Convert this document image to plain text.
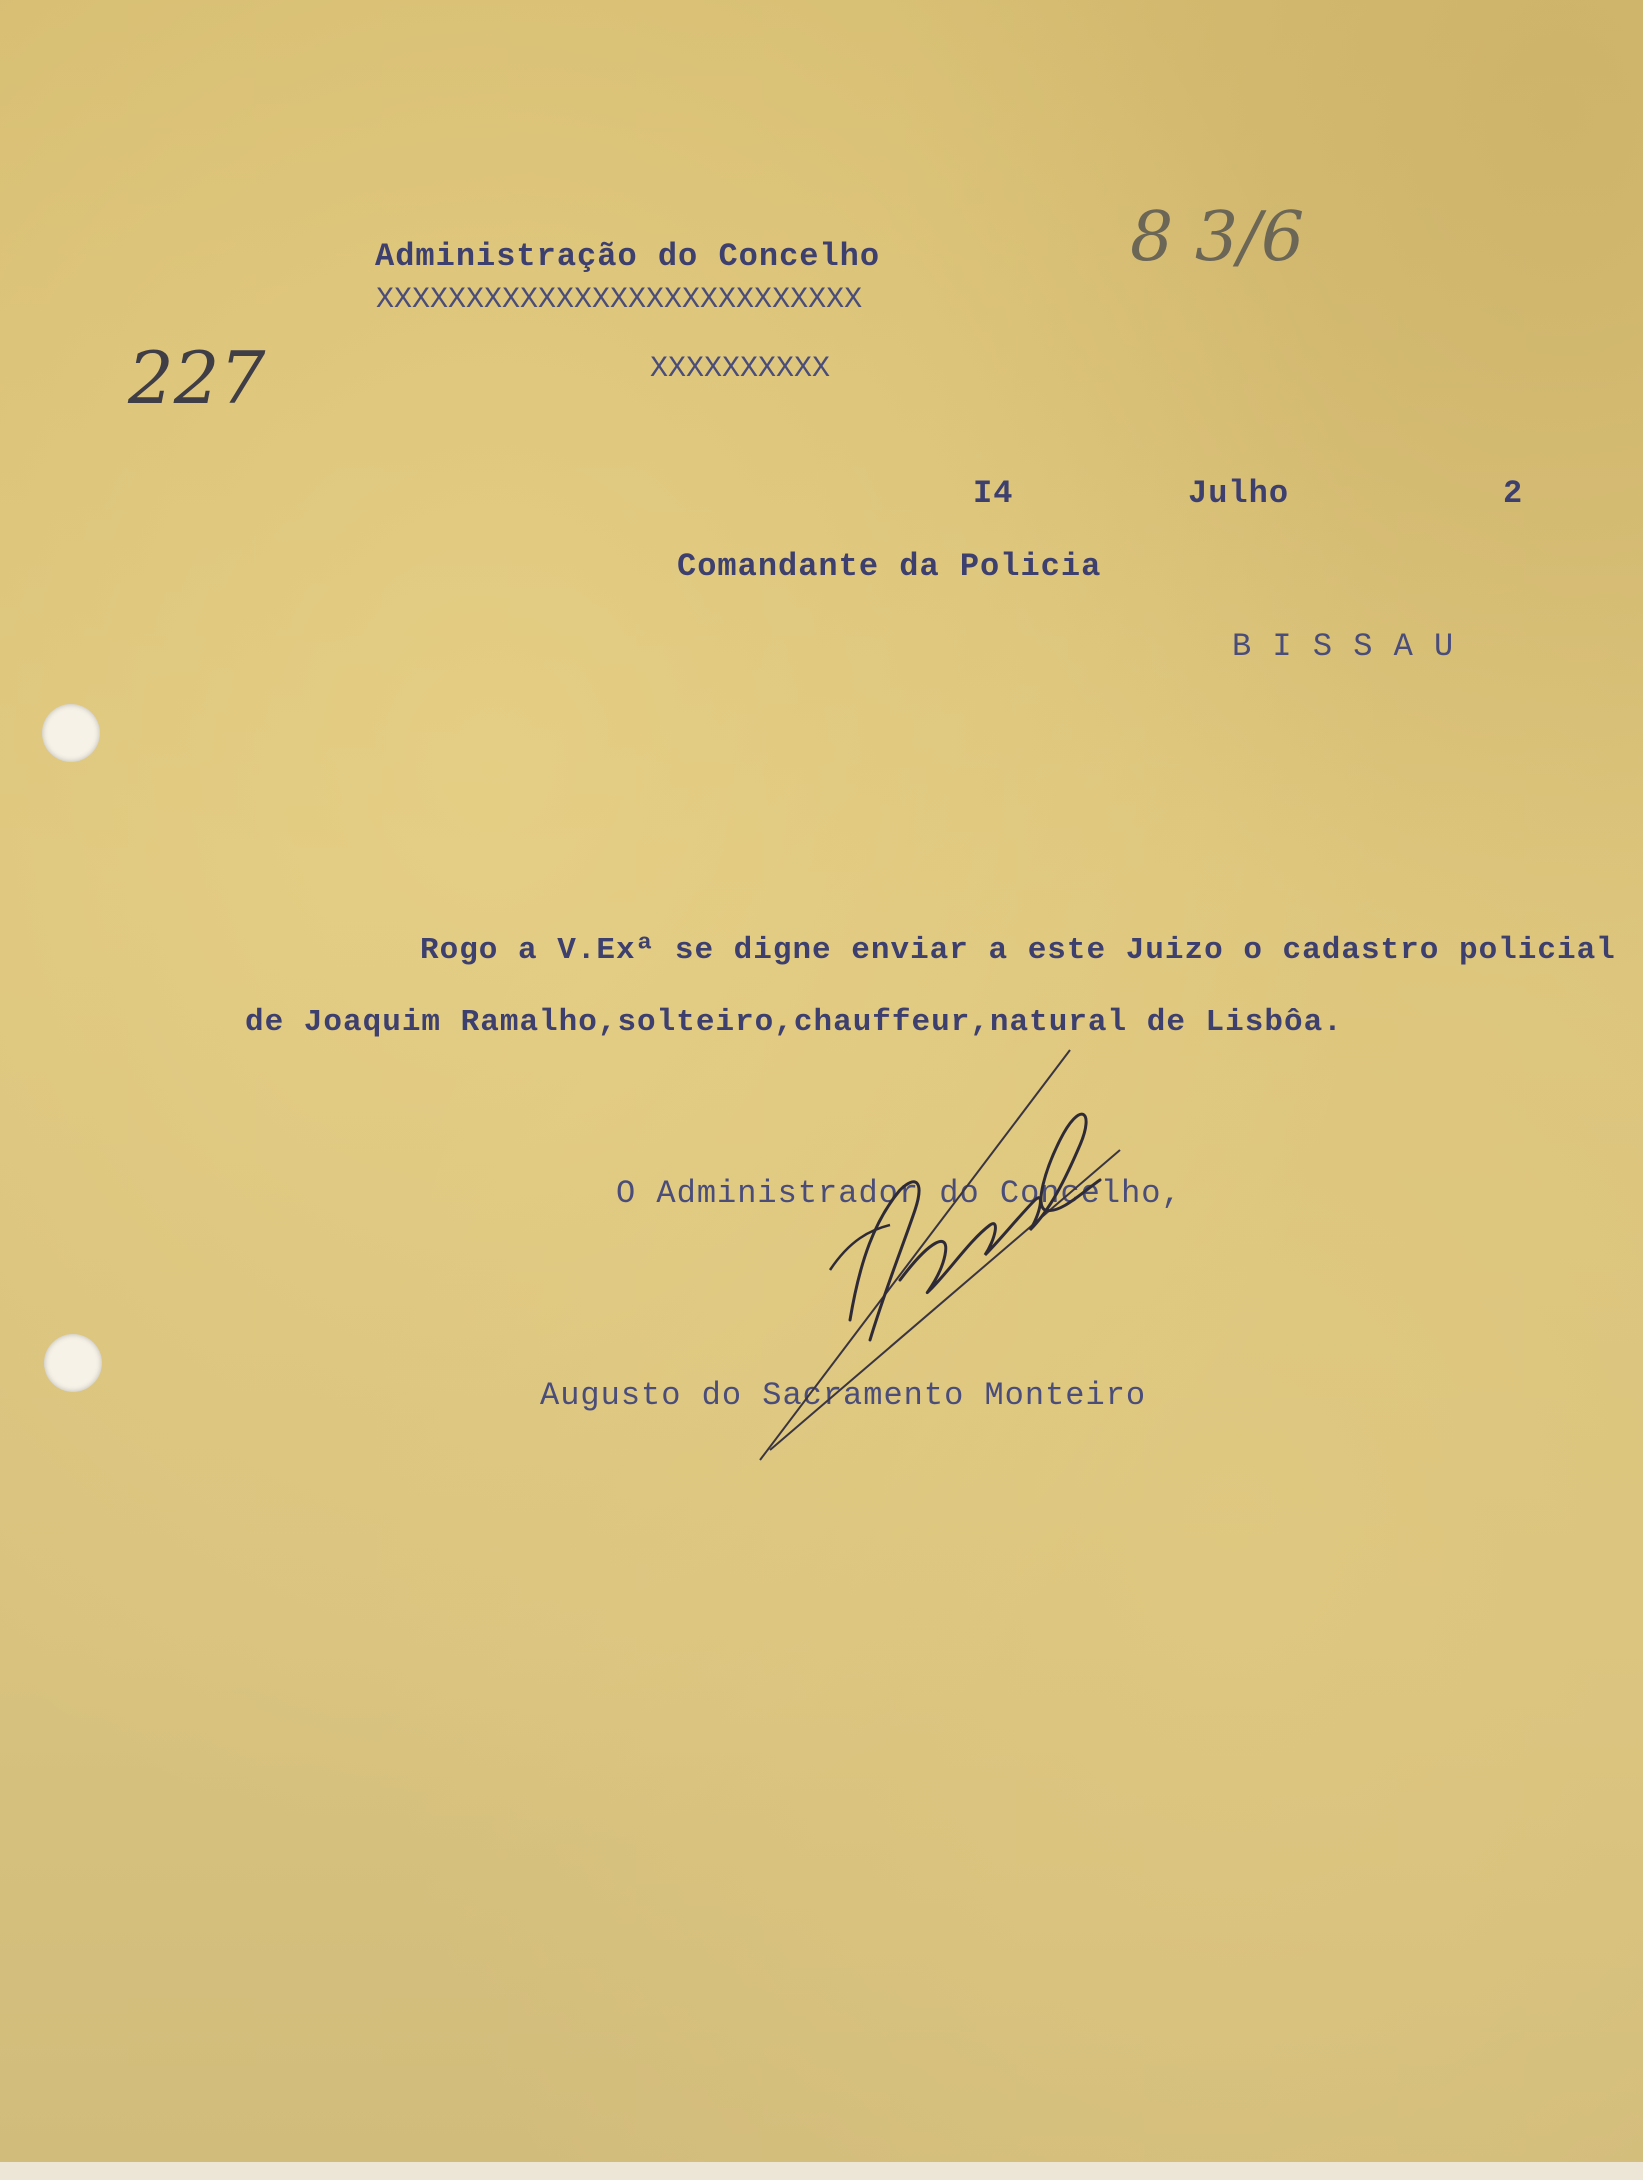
227
8 3/6
Administração do Concelho
XXXXXXXXXXXXXXXXXXXXXXXXXXX
XXXXXXXXXX
I4	Julho	2
Comandante da Policia
B I S S A U
Rogo a V.Exª se digne enviar a este Juizo o cadastro policial
de Joaquim Ramalho,solteiro,chauffeur,natural de Lisbôa.
O Administrador do Concelho,
Augusto do Sacramento Monteiro
